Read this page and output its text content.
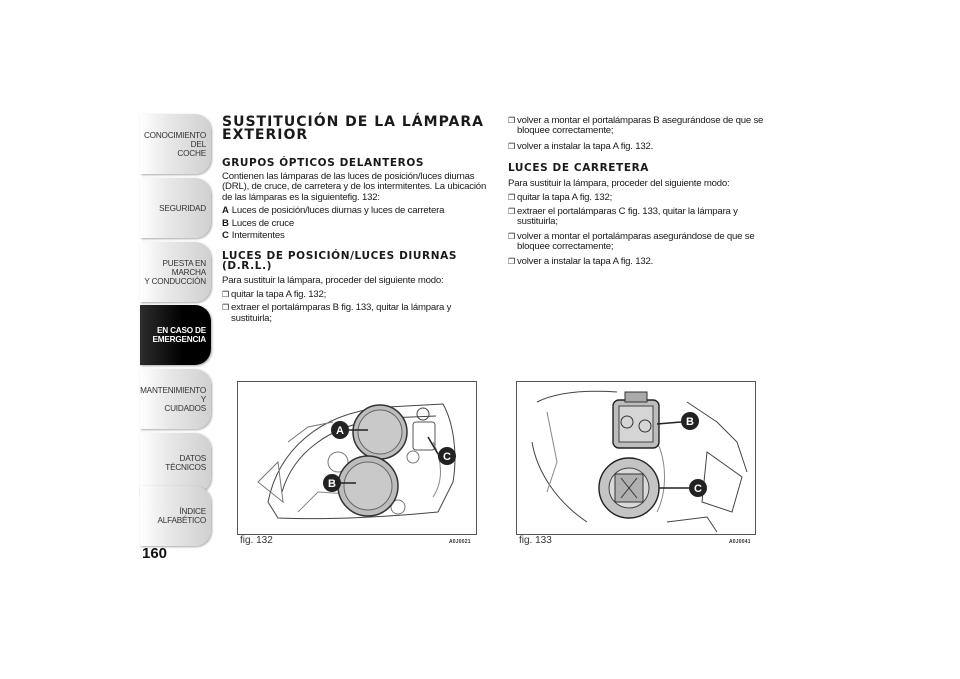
CONOCIMIENTO DEL
COCHE
SEGURIDAD
PUESTA EN MARCHA
Y CONDUCCIÓN
EN CASO DE
EMERGENCIA
MANTENIMIENTO Y
CUIDADOS
DATOS TÉCNICOS
ÍNDICE ALFABÉTICO
160
SUSTITUCIÓN DE LA LÁMPARA EXTERIOR
GRUPOS ÓPTICOS DELANTEROS
Contienen las lámparas de las luces de posición/luces diurnas (DRL), de cruce, de carretera y de los intermitentes. La ubicación de las lámparas es la siguientefig. 132:
A Luces de posición/luces diurnas y luces de carretera
B Luces de cruce
C Intermitentes
LUCES DE POSICIÓN/LUCES DIURNAS (D.R.L.)
Para sustituir la lámpara, proceder del siguiente modo:
❒ quitar la tapa A fig. 132;
❒ extraer el portalámparas B fig. 133, quitar la lámpara y sustituirla;
❒ volver a montar el portalámparas B asegurándose de que se bloquee correctamente;
❒ volver a instalar la tapa A fig. 132.
LUCES DE CARRETERA
Para sustituir la lámpara, proceder del siguiente modo:
❒ quitar la tapa A fig. 132;
❒ extraer el portalámparas C fig. 133, quitar la lámpara y sustituirla;
❒ volver a montar el portalámparas asegurándose de que se bloquee correctamente;
❒ volver a instalar la tapa A fig. 132.
A
B
C
fig. 132	A0J0021
B
C
fig. 133	A0J0041
